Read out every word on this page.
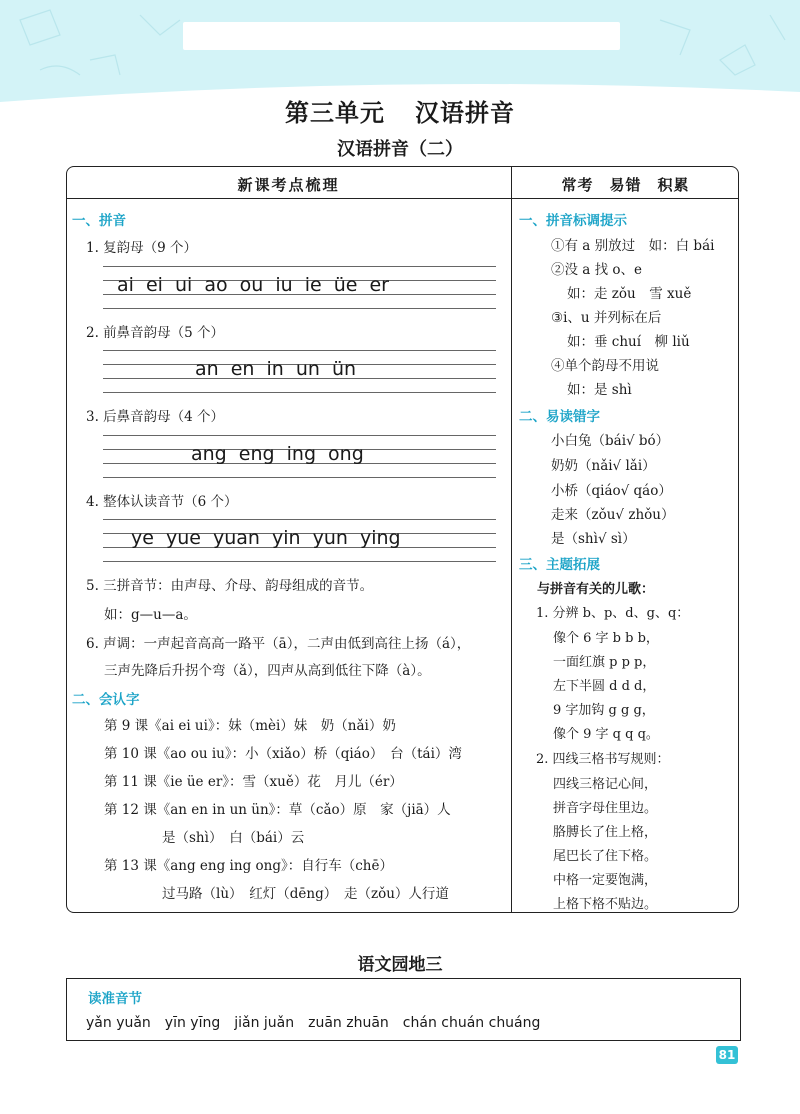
第三单元 汉语拼音
汉语拼音（二）
新课考点梳理	常考　易错　积累
一、拼音
1. 复韵母（9 个）
ai ei ui ao ou iu ie üe er
2. 前鼻音韵母（5 个）
an en in un ün
3. 后鼻音韵母（4 个）
ang eng ing ong
4. 整体认读音节（6 个）
ye yue yuan yin yun ying
5. 三拼音节：由声母、介母、韵母组成的音节。
如：g—u—a。
6. 声调：一声起音高高一路平（ā），二声由低到高往上扬（á），
三声先降后升拐个弯（ǎ），四声从高到低往下降（à）。
二、会认字
第 9 课《ai ei ui》：妹（mèi）妹　奶（nǎi）奶
第 10 课《ao ou iu》：小（xiǎo）桥（qiáo）　台（tái）湾
第 11 课《ie üe er》：雪（xuě）花　月儿（ér）
第 12 课《an en in un ün》：草（cǎo）原　家（jiā）人
是（shì）　白（bái）云
第 13 课《ang eng ing ong》：自行车（chē）
过马路（lù）　红灯（dēng）　走（zǒu）人行道
一、拼音标调提示
①有 a 别放过　如：白 bái
②没 a 找 o、e
如：走 zǒu　雪 xuě
③i、u 并列标在后
如：垂 chuí　柳 liǔ
④单个韵母不用说
如：是 shì
二、易读错字
小白兔（bái√ bó）
奶奶（nǎi√ lǎi）
小桥（qiáo√ qáo）
走来（zǒu√ zhǒu）
是（shì√ sì）
三、主题拓展
与拼音有关的儿歌：
1. 分辨 b、p、d、g、q：
像个 6 字 b b b，
一面红旗 p p p，
左下半圆 d d d，
9 字加钩 g g g，
像个 9 字 q q q。
2. 四线三格书写规则：
四线三格记心间，
拼音字母住里边。
胳膊长了住上格，
尾巴长了住下格。
中格一定要饱满，
上格下格不贴边。
语文园地三
读准音节
yǎn yuǎn　yīn yīng　jiǎn juǎn　zuān zhuān　chán chuán chuáng
81
